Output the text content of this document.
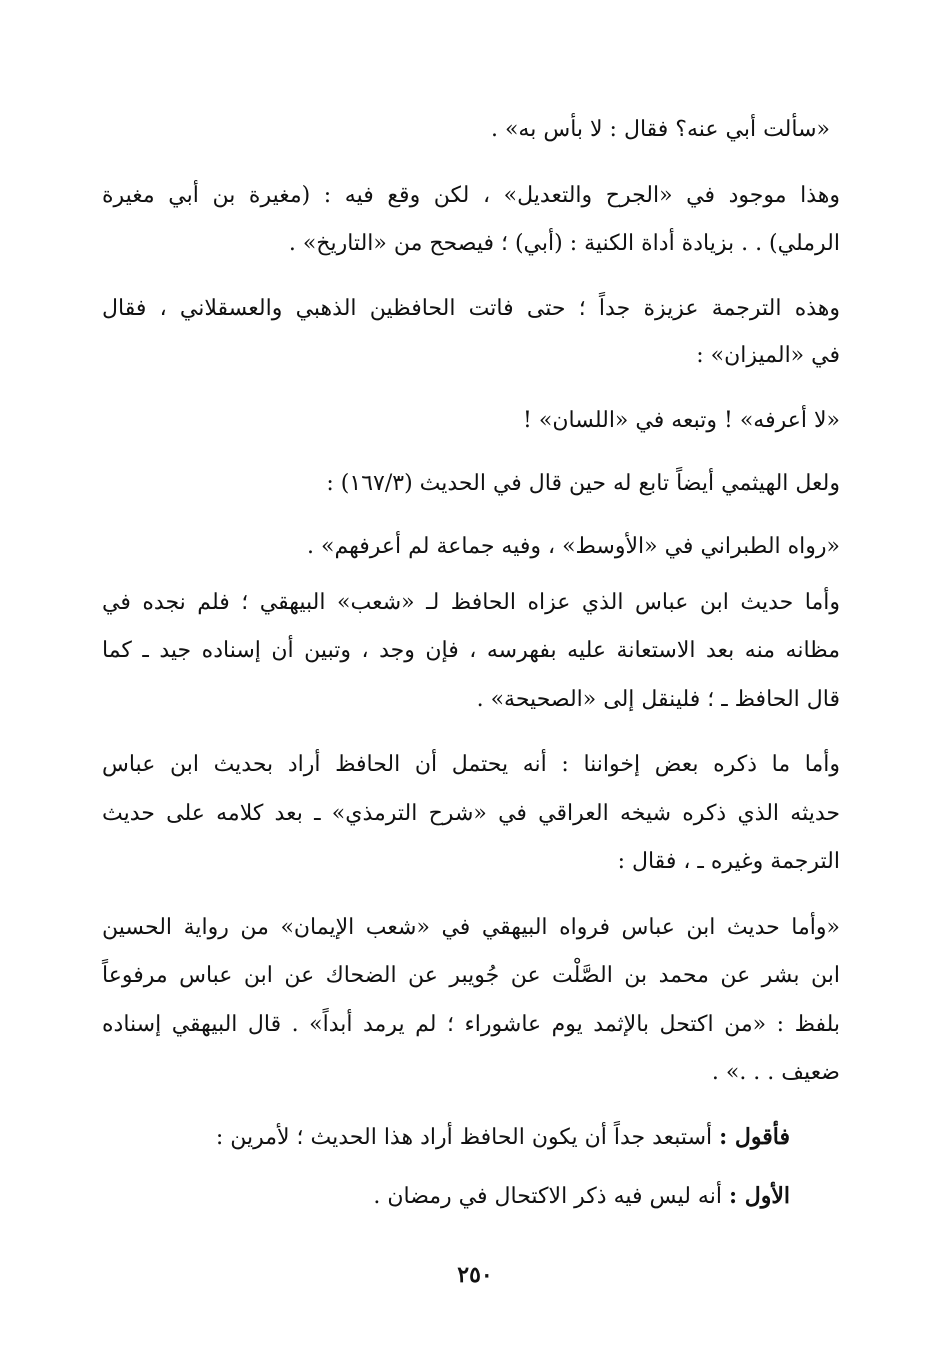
«سألت أبي عنه؟ فقال : لا بأس به» .
وهذا موجود في «الجرح والتعديل» ، لكن وقع فيه : (مغيرة بن أبي مغيرة
الرملي) . . بزيادة أداة الكنية : (أبي) ؛ فيصحح من «التاريخ» .
وهذه الترجمة عزيزة جداً ؛ حتى فاتت الحافظين الذهبي والعسقلاني ، فقال
في «الميزان» :
«لا أعرفه» ! وتبعه في «اللسان» !
ولعل الهيثمي أيضاً تابع له حين قال في الحديث (١٦٧/٣) :
«رواه الطبراني في «الأوسط» ، وفيه جماعة لم أعرفهم» .
وأما حديث ابن عباس الذي عزاه الحافظ لـ «شعب» البيهقي ؛ فلم نجده في
مظانه منه بعد الاستعانة عليه بفهرسه ، فإن وجد ، وتبين أن إسناده جيد ـ كما
قال الحافظ ـ ؛ فلينقل إلى «الصحيحة» .
وأما ما ذكره بعض إخواننا : أنه يحتمل أن الحافظ أراد بحديث ابن عباس
حديثه الذي ذكره شيخه العراقي في «شرح الترمذي» ـ بعد كلامه على حديث
الترجمة وغيره ـ ، فقال :
«وأما حديث ابن عباس فرواه البيهقي في «شعب الإيمان» من رواية الحسين
ابن بشر عن محمد بن الصَّلْت عن جُويبر عن الضحاك عن ابن عباس مرفوعاً
بلفظ : «من اكتحل بالإثمد يوم عاشوراء ؛ لم يرمد أبداً» . قال البيهقي إسناده
ضعيف . . .» .
فأقول : أستبعد جداً أن يكون الحافظ أراد هذا الحديث ؛ لأمرين :
الأول : أنه ليس فيه ذكر الاكتحال في رمضان .
٢٥٠
